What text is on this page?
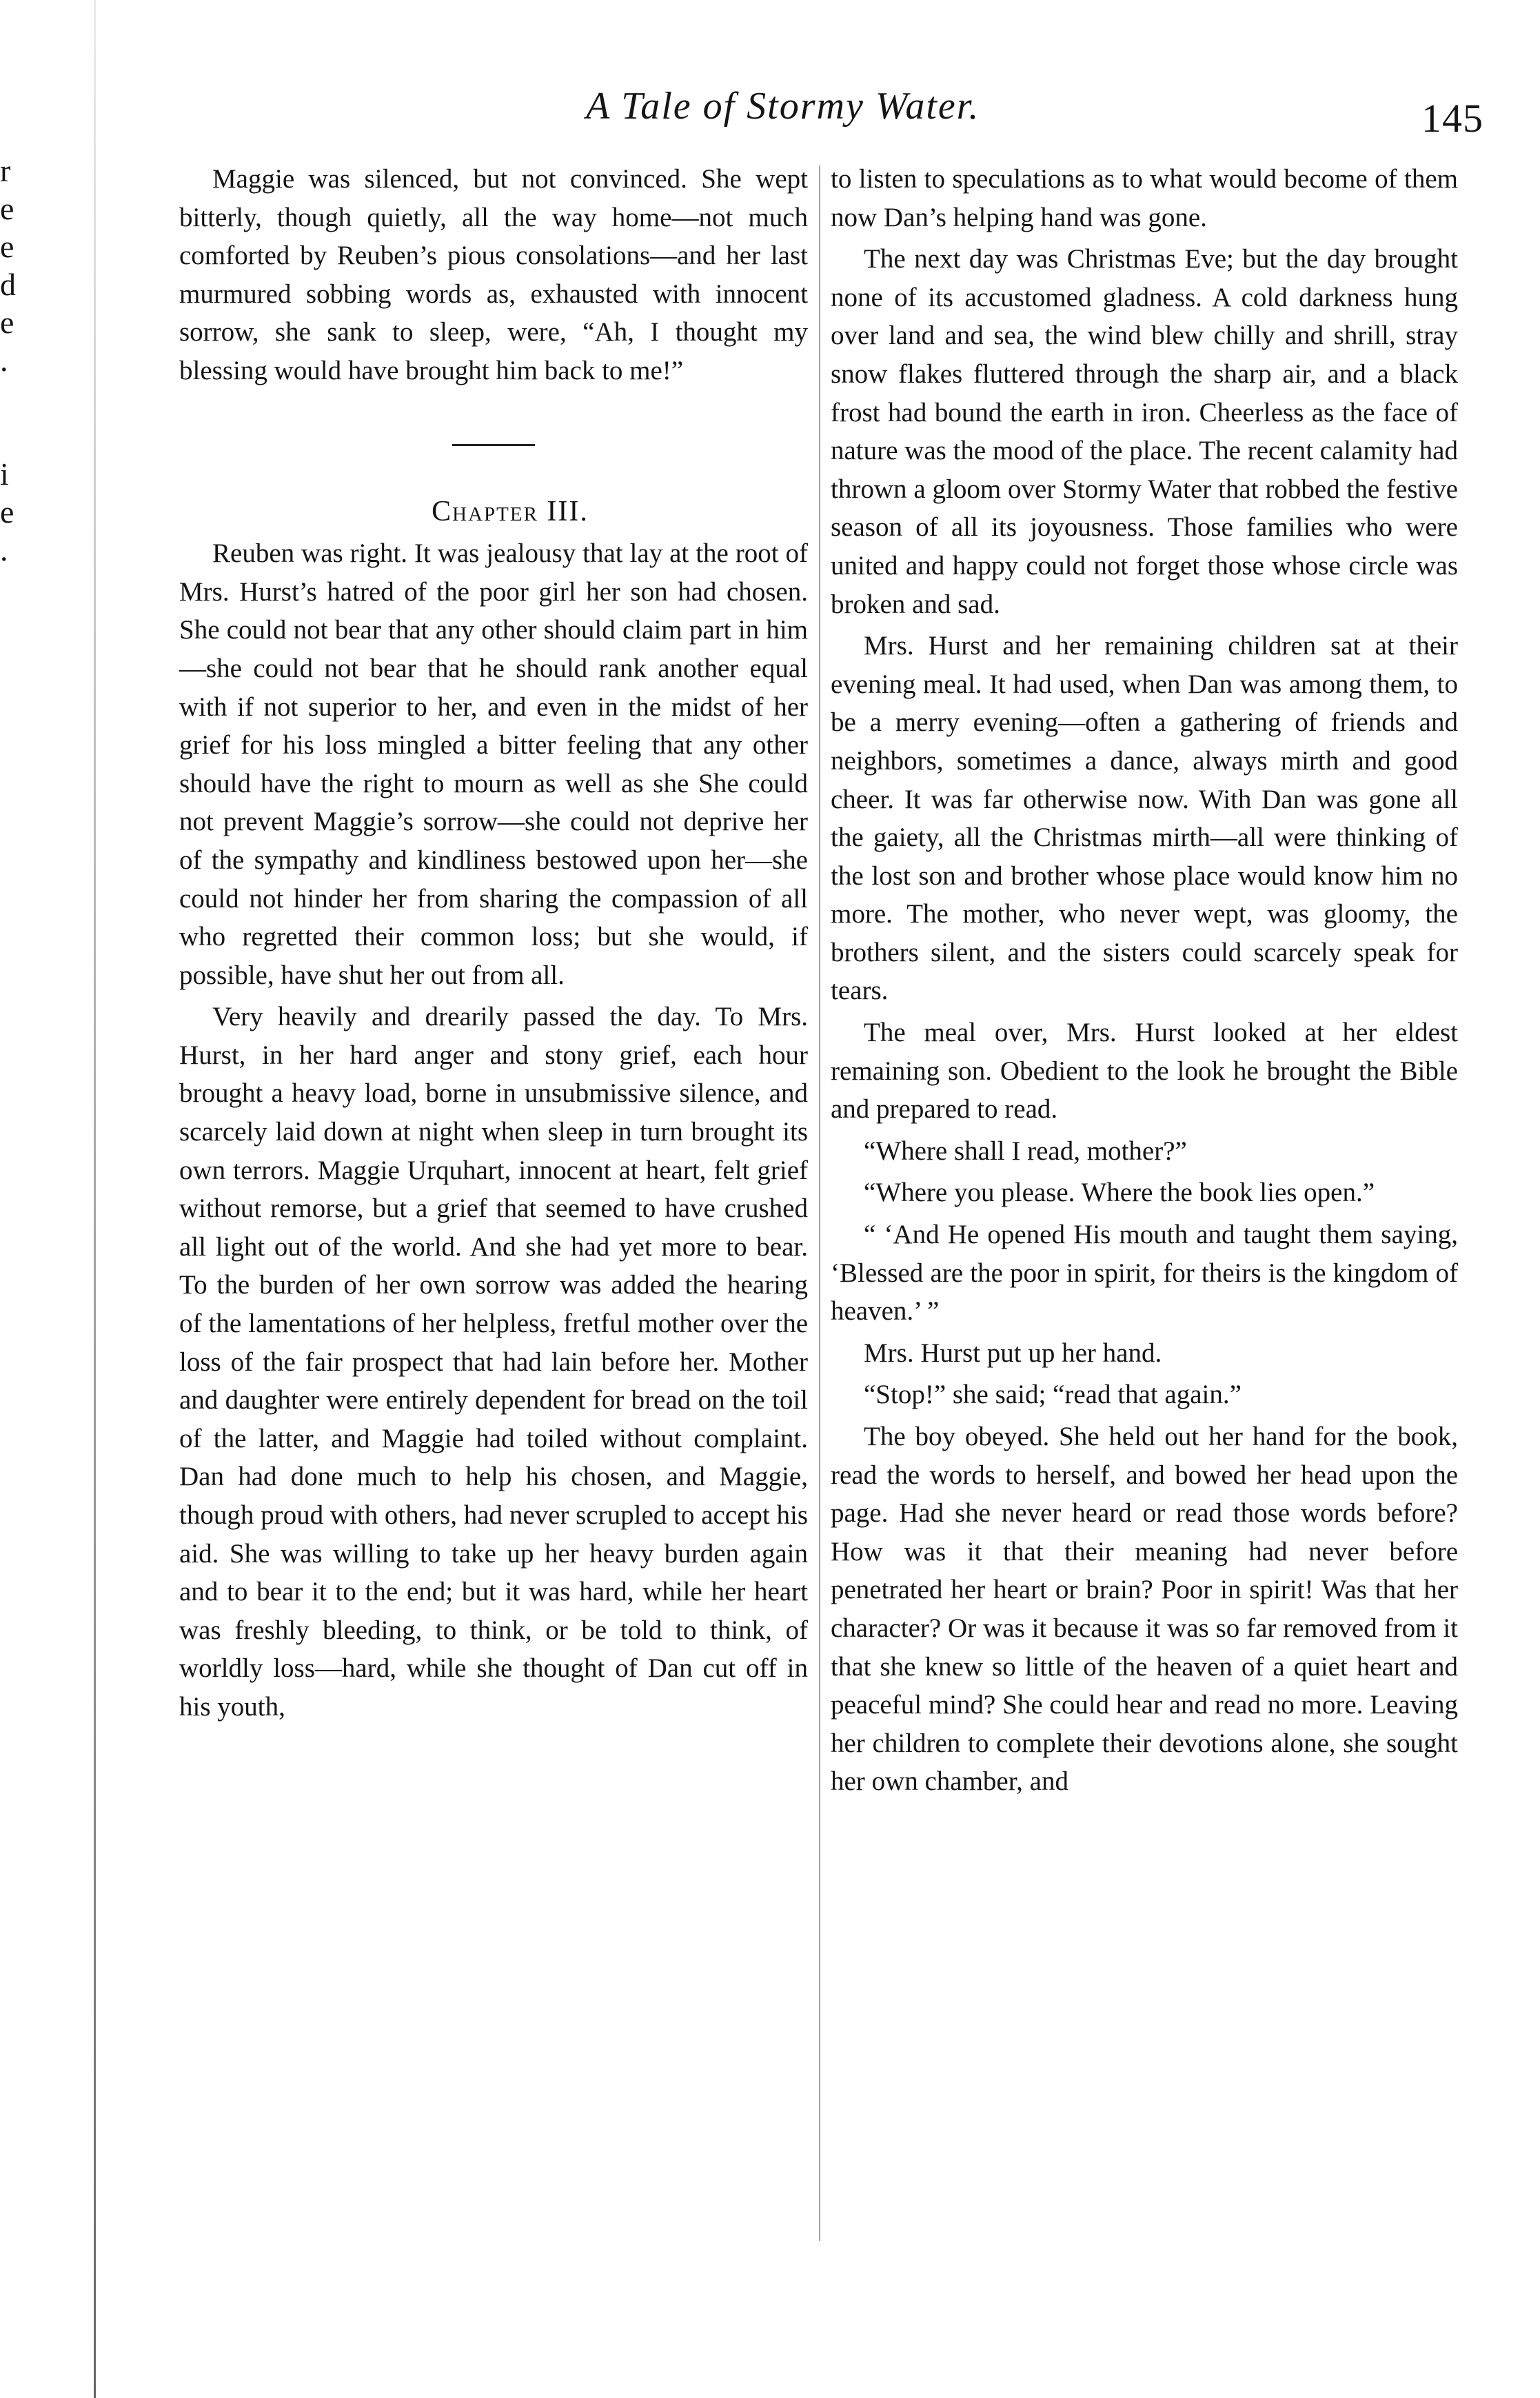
r
e
e
d
e
.
i
e
.
A Tale of Stormy Water.	145

Maggie was silenced, but not convinced. She wept bitterly, though quietly, all the way home—not much comforted by Reuben’s pious consolations—and her last murmured sobbing words as, exhausted with innocent sorrow, she sank to sleep, were, “Ah, I thought my blessing would have brought him back to me!”

Chapter III.

Reuben was right. It was jealousy that lay at the root of Mrs. Hurst’s hatred of the poor girl her son had chosen. She could not bear that any other should claim part in him—she could not bear that he should rank another equal with if not superior to her, and even in the midst of her grief for his loss mingled a bitter feeling that any other should have the right to mourn as well as she She could not prevent Maggie’s sorrow—she could not deprive her of the sympathy and kindliness bestowed upon her—she could not hinder her from sharing the compassion of all who regretted their common loss; but she would, if possible, have shut her out from all.

Very heavily and drearily passed the day. To Mrs. Hurst, in her hard anger and stony grief, each hour brought a heavy load, borne in unsubmissive silence, and scarcely laid down at night when sleep in turn brought its own terrors. Maggie Urquhart, innocent at heart, felt grief without remorse, but a grief that seemed to have crushed all light out of the world. And she had yet more to bear. To the burden of her own sorrow was added the hearing of the lamentations of her helpless, fretful mother over the loss of the fair prospect that had lain before her. Mother and daughter were entirely dependent for bread on the toil of the latter, and Maggie had toiled without complaint. Dan had done much to help his chosen, and Maggie, though proud with others, had never scrupled to accept his aid. She was willing to take up her heavy burden again and to bear it to the end; but it was hard, while her heart was freshly bleeding, to think, or be told to think, of worldly loss—hard, while she thought of Dan cut off in his youth,

to listen to speculations as to what would become of them now Dan’s helping hand was gone.

The next day was Christmas Eve; but the day brought none of its accustomed gladness. A cold darkness hung over land and sea, the wind blew chilly and shrill, stray snow flakes fluttered through the sharp air, and a black frost had bound the earth in iron. Cheerless as the face of nature was the mood of the place. The recent calamity had thrown a gloom over Stormy Water that robbed the festive season of all its joyousness. Those families who were united and happy could not forget those whose circle was broken and sad.

Mrs. Hurst and her remaining children sat at their evening meal. It had used, when Dan was among them, to be a merry evening—often a gathering of friends and neighbors, sometimes a dance, always mirth and good cheer. It was far otherwise now. With Dan was gone all the gaiety, all the Christmas mirth—all were thinking of the lost son and brother whose place would know him no more. The mother, who never wept, was gloomy, the brothers silent, and the sisters could scarcely speak for tears.

The meal over, Mrs. Hurst looked at her eldest remaining son. Obedient to the look he brought the Bible and prepared to read.

“Where shall I read, mother?”

“Where you please. Where the book lies open.”

“ ‘And He opened His mouth and taught them saying, ‘Blessed are the poor in spirit, for theirs is the kingdom of heaven.’ ”

Mrs. Hurst put up her hand.

“Stop!” she said; “read that again.”

The boy obeyed. She held out her hand for the book, read the words to herself, and bowed her head upon the page. Had she never heard or read those words before? How was it that their meaning had never before penetrated her heart or brain? Poor in spirit! Was that her character? Or was it because it was so far removed from it that she knew so little of the heaven of a quiet heart and peaceful mind? She could hear and read no more. Leaving her children to complete their devotions alone, she sought her own chamber, and
